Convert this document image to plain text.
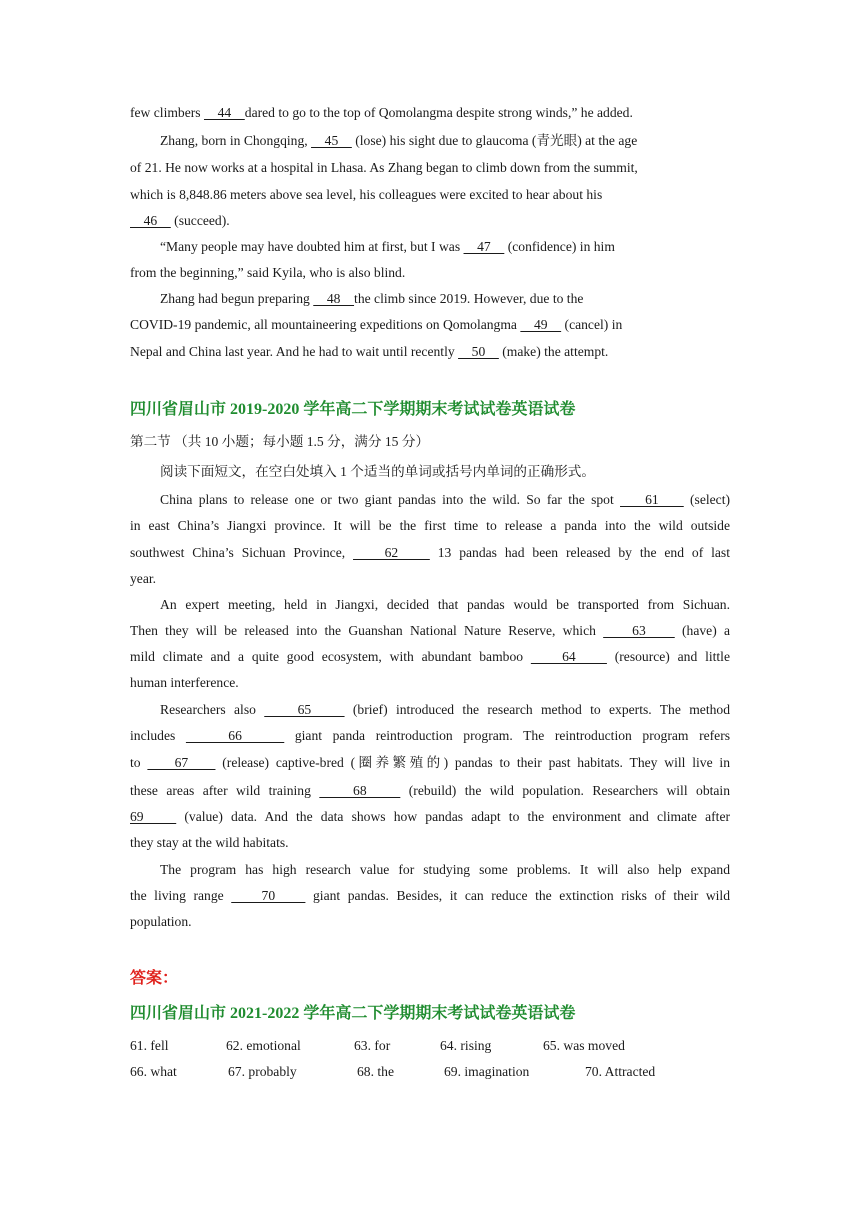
few climbers     44    dared to go to the top of Qomolangma despite strong winds,” he added.
Zhang, born in Chongqing,     45     (lose) his sight due to glaucoma (青光眼) at the age
of 21. He now works at a hospital in Lhasa. As Zhang began to climb down from the summit,
which is 8,848.86 meters above sea level, his colleagues were excited to hear about his
46     (succeed).
“Many people may have doubted him at first, but I was     47     (confidence) in him
from the beginning,” said Kyila, who is also blind.
Zhang had begun preparing     48    the climb since 2019. However, due to the
COVID-19 pandemic, all mountaineering expeditions on Qomolangma     49     (cancel) in
Nepal and China last year. And he had to wait until recently     50     (make) the attempt.
四川省眉山市 2019-2020 学年高二下学期期末考试试卷英语试卷
第二节 （共 10 小题；每小题 1.5 分，满分 15 分）
阅读下面短文，在空白处填入 1 个适当的单词或括号内单词的正确形式。
China plans to release one or two giant pandas into the wild. So far the spot     61     (select)
in east China’s Jiangxi province. It will be the first time to release a panda into the wild outside
southwest China’s Sichuan Province,     62     13 pandas had been released by the end of last
year.
An expert meeting, held in Jiangxi, decided that pandas would be transported from Sichuan.
Then they will be released into the Guanshan National Nature Reserve, which     63     (have) a
mild climate and a quite good ecosystem, with abundant bamboo     64     (resource) and little
human interference.
Researchers also     65     (brief) introduced the research method to experts. The method
includes     66     giant panda reintroduction program. The reintroduction program refers
to     67     (release) captive-bred (圈养繁殖的) pandas to their past habitats. They will live in
these areas after wild training     68     (rebuild) the wild population. Researchers will obtain
69     (value) data. And the data shows how pandas adapt to the environment and climate after
they stay at the wild habitats.
The program has high research value for studying some problems. It will also help expand
the living range     70     giant pandas. Besides, it can reduce the extinction risks of their wild
population.
答案：
四川省眉山市 2021-2022 学年高二下学期期末考试试卷英语试卷
61. fell	62. emotional	63. for	64. rising	65. was moved
66. what	67. probably	68. the	69. imagination	70. Attracted
